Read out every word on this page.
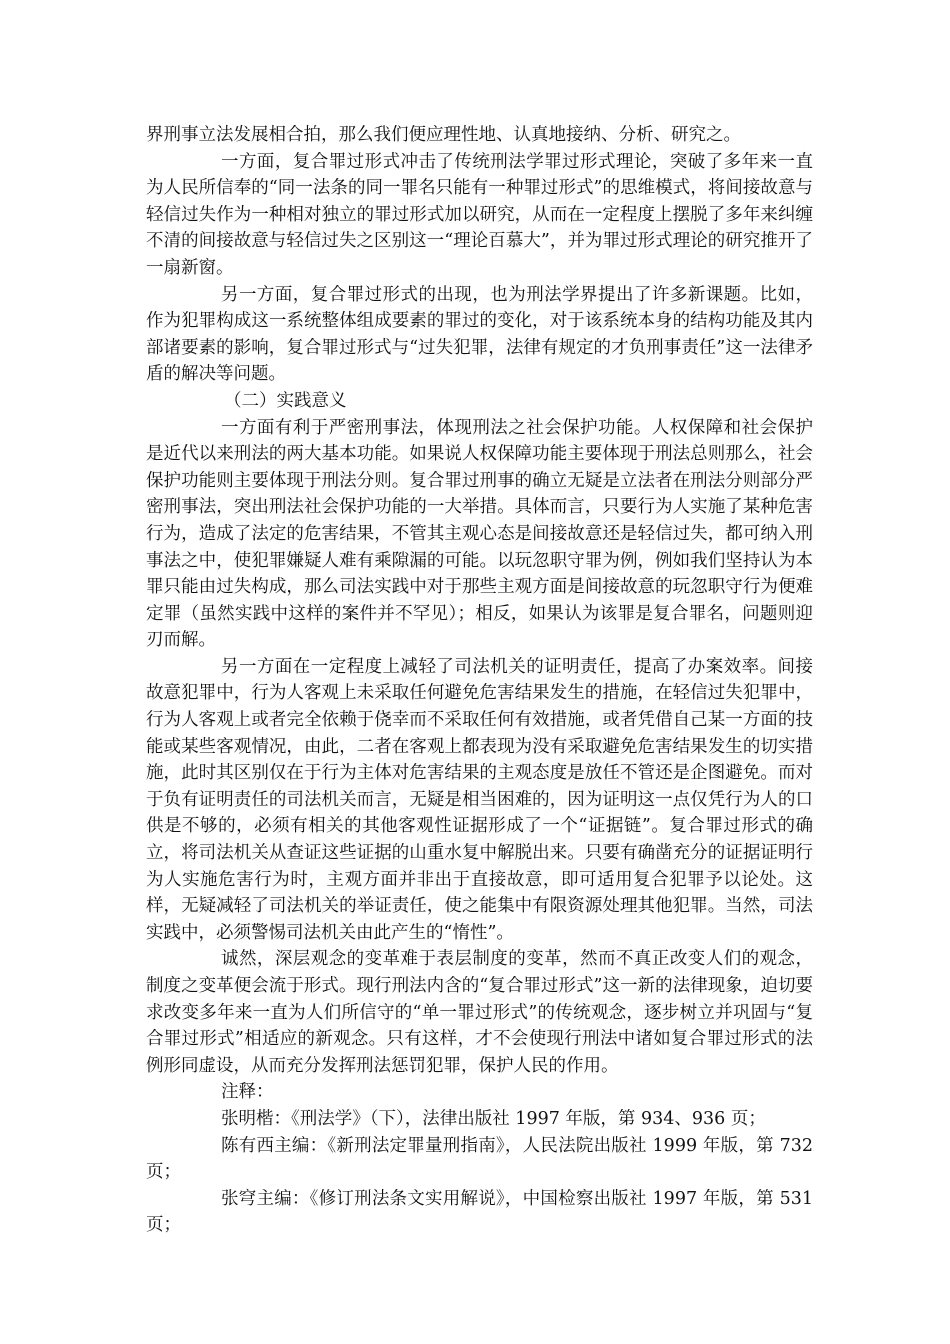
界刑事立法发展相合拍，那么我们便应理性地、认真地接纳、分析、研究之。

一方面，复合罪过形式冲击了传统刑法学罪过形式理论，突破了多年来一直为人民所信奉的“同一法条的同一罪名只能有一种罪过形式”的思维模式，将间接故意与轻信过失作为一种相对独立的罪过形式加以研究，从而在一定程度上摆脱了多年来纠缠不清的间接故意与轻信过失之区别这一“理论百慕大”，并为罪过形式理论的研究推开了一扇新窗。

另一方面，复合罪过形式的出现，也为刑法学界提出了许多新课题。比如，作为犯罪构成这一系统整体组成要素的罪过的变化，对于该系统本身的结构功能及其内部诸要素的影响，复合罪过形式与“过失犯罪，法律有规定的才负刑事责任”这一法律矛盾的解决等问题。

（二）实践意义

一方面有利于严密刑事法，体现刑法之社会保护功能。人权保障和社会保护是近代以来刑法的两大基本功能。如果说人权保障功能主要体现于刑法总则那么，社会保护功能则主要体现于刑法分则。复合罪过刑事的确立无疑是立法者在刑法分则部分严密刑事法，突出刑法社会保护功能的一大举措。具体而言，只要行为人实施了某种危害行为，造成了法定的危害结果，不管其主观心态是间接故意还是轻信过失，都可纳入刑事法之中，使犯罪嫌疑人难有乘隙漏的可能。以玩忽职守罪为例，例如我们坚持认为本罪只能由过失构成，那么司法实践中对于那些主观方面是间接故意的玩忽职守行为便难定罪（虽然实践中这样的案件并不罕见）；相反，如果认为该罪是复合罪名，问题则迎刃而解。

另一方面在一定程度上减轻了司法机关的证明责任，提高了办案效率。间接故意犯罪中，行为人客观上未采取任何避免危害结果发生的措施，在轻信过失犯罪中，行为人客观上或者完全依赖于侥幸而不采取任何有效措施，或者凭借自己某一方面的技能或某些客观情况，由此，二者在客观上都表现为没有采取避免危害结果发生的切实措施，此时其区别仅在于行为主体对危害结果的主观态度是放任不管还是企图避免。而对于负有证明责任的司法机关而言，无疑是相当困难的，因为证明这一点仅凭行为人的口供是不够的，必须有相关的其他客观性证据形成了一个“证据链”。复合罪过形式的确立，将司法机关从查证这些证据的山重水复中解脱出来。只要有确凿充分的证据证明行为人实施危害行为时，主观方面并非出于直接故意，即可适用复合犯罪予以论处。这样，无疑减轻了司法机关的举证责任，使之能集中有限资源处理其他犯罪。当然，司法实践中，必须警惕司法机关由此产生的“惰性”。

诚然，深层观念的变革难于表层制度的变革，然而不真正改变人们的观念，制度之变革便会流于形式。现行刑法内含的“复合罪过形式”这一新的法律现象，迫切要求改变多年来一直为人们所信守的“单一罪过形式”的传统观念，逐步树立并巩固与“复合罪过形式”相适应的新观念。只有这样，才不会使现行刑法中诸如复合罪过形式的法例形同虚设，从而充分发挥刑法惩罚犯罪，保护人民的作用。

注释：

张明楷：《刑法学》（下），法律出版社 1997 年版，第 934、936 页；

陈有西主编：《新刑法定罪量刑指南》，人民法院出版社 1999 年版，第 732 页；

张穹主编：《修订刑法条文实用解说》，中国检察出版社 1997 年版，第 531 页；
